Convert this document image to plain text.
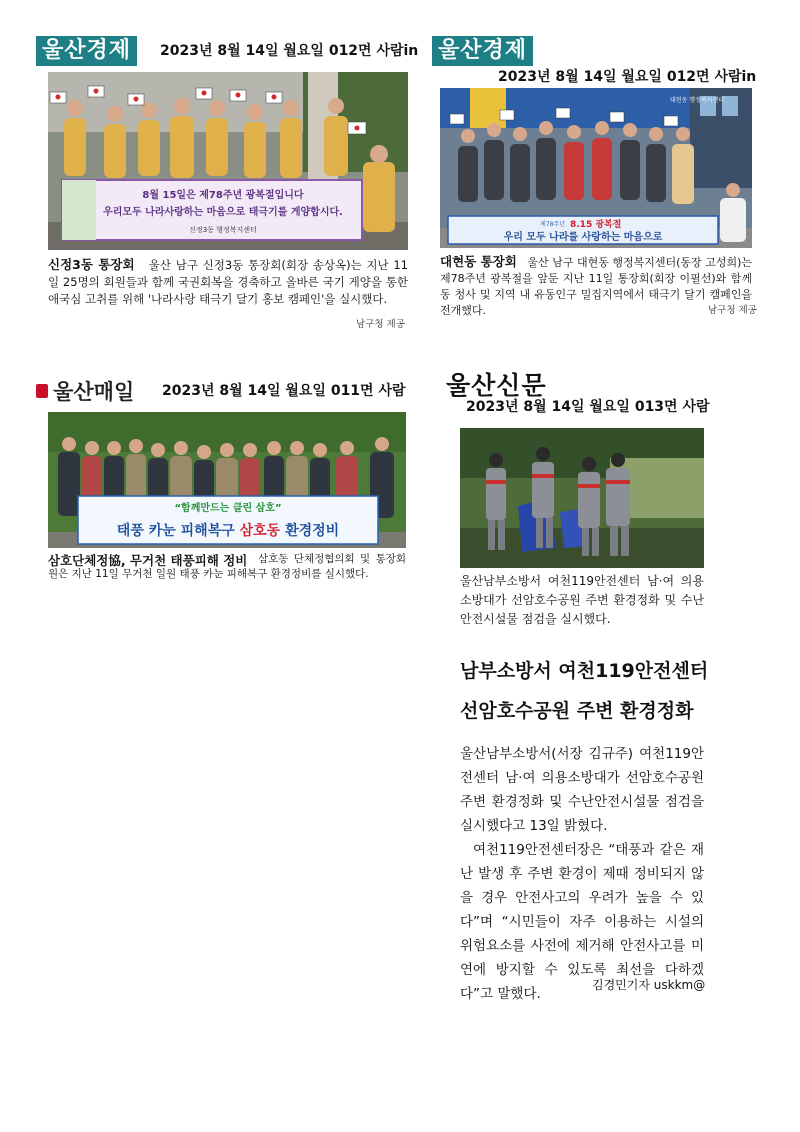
울산경제	2023년 8월 14일 월요일 012면 사람in
8월 15일은 제78주년 광복절입니다
우리모두 나라사랑하는 마음으로 태극기를 게양합시다.
신정3동 행정복지센터
신정3동 통장회 울산 남구 신정3동 통장회(회장 송상옥)는 지난 11일 25명의 회원들과 함께 국권회복을 경축하고 올바른 국기 게양을 통한 애국심 고취를 위해 '나라사랑 태극기 달기 홍보 캠페인'을 실시했다.
남구청 제공
울산경제
2023년 8월 14일 월요일 012면 사람in
대현동 행정복지센터
제78주년 8.15 광복절
우리 모두 나라를 사랑하는 마음으로
대현동 통장회 울산 남구 대현동 행정복지센터(동장 고성희)는 제78주년 광복절을 앞둔 지난 11일 통장회(회장 이필선)와 함께 동 청사 및 지역 내 유동인구 밀집지역에서 태극기 달기 캠페인을 전개했다.	남구청 제공
울산매일 2023년 8월 14일 월요일 011면 사람
“함께만드는 클린 삼호”
태풍 카눈 피해복구 삼호동 환경정비
삼호단체정協, 무거천 태풍피해 정비	삼호동 단체정협의회 및 통장회원은 지난 11일 무거천 일원 태풍 카눈 피해복구 환경정비를 실시했다.
울산신문
2023년 8월 14일 월요일 013면 사람
울산남부소방서 여천119안전센터 남·여 의용소방대가 선암호수공원 주변 환경정화 및 수난안전시설물 점검을 실시했다.
남부소방서 여천119안전센터
선암호수공원 주변 환경정화
울산남부소방서(서장 김규주) 여천119안전센터 남·여 의용소방대가 선암호수공원 주변 환경정화 및 수난안전시설물 점검을 실시했다고 13일 밝혔다.
여천119안전센터장은 “태풍과 같은 재난 발생 후 주변 환경이 제때 정비되지 않을 경우 안전사고의 우려가 높을 수 있다”며 “시민들이 자주 이용하는 시설의 위험요소를 사전에 제거해 안전사고를 미연에 방지할 수 있도록 최선을 다하겠다”고 말했다.
김경민기자 uskkm@
